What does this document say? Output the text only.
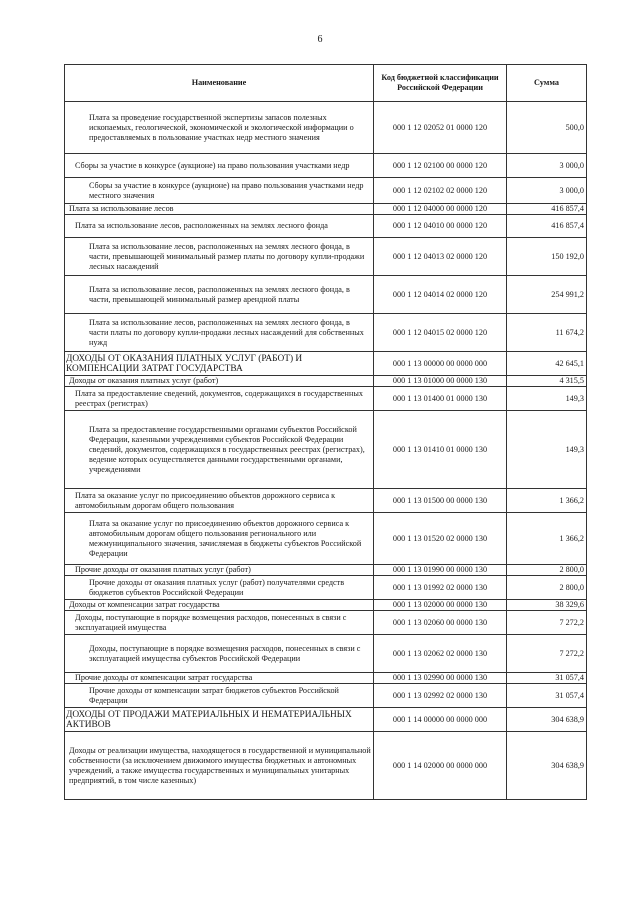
6
Наименование	Код бюджетной классификации Российской Федерации	Сумма
Плата за проведение государственной экспертизы запасов полезных ископаемых, геологической, экономической и экологической информации о предоставляемых в пользование участках недр местного значения	000 1 12 02052 01 0000 120	500,0
Сборы за участие в конкурсе (аукционе) на право пользования участками недр	000 1 12 02100 00 0000 120	3 000,0
Сборы за участие в конкурсе (аукционе) на право пользования участками недр местного значения	000 1 12 02102 02 0000 120	3 000,0
Плата за использование лесов	000 1 12 04000 00 0000 120	416 857,4
Плата за использование лесов, расположенных на землях лесного фонда	000 1 12 04010 00 0000 120	416 857,4
Плата за использование лесов, расположенных на землях лесного фонда, в части, превышающей минимальный размер платы по договору купли-продажи лесных насаждений	000 1 12 04013 02 0000 120	150 192,0
Плата за использование лесов, расположенных на землях лесного фонда, в части, превышающей минимальный размер арендной платы	000 1 12 04014 02 0000 120	254 991,2
Плата за использование лесов, расположенных на землях лесного фонда, в части платы по договору купли-продажи лесных насаждений для собственных нужд	000 1 12 04015 02 0000 120	11 674,2
ДОХОДЫ ОТ ОКАЗАНИЯ ПЛАТНЫХ УСЛУГ (РАБОТ) И КОМПЕНСАЦИИ ЗАТРАТ ГОСУДАРСТВА	000 1 13 00000 00 0000 000	42 645,1
Доходы от оказания платных услуг (работ)	000 1 13 01000 00 0000 130	4 315,5
Плата за предоставление сведений, документов, содержащихся в государственных реестрах (регистрах)	000 1 13 01400 01 0000 130	149,3
Плата за предоставление государственными органами субъектов Российской Федерации, казенными учреждениями субъектов Российской Федерации сведений, документов, содержащихся в государственных реестрах (регистрах), ведение которых осуществляется данными государственными органами, учреждениями	000 1 13 01410 01 0000 130	149,3
Плата за оказание услуг по присоединению объектов дорожного сервиса к автомобильным дорогам общего пользования	000 1 13 01500 00 0000 130	1 366,2
Плата за оказание услуг по присоединению объектов дорожного сервиса к автомобильным дорогам общего пользования регионального или межмуниципального значения, зачисляемая в бюджеты субъектов Российской Федерации	000 1 13 01520 02 0000 130	1 366,2
Прочие доходы от оказания платных услуг (работ)	000 1 13 01990 00 0000 130	2 800,0
Прочие доходы от оказания платных услуг (работ) получателями средств бюджетов субъектов Российской Федерации	000 1 13 01992 02 0000 130	2 800,0
Доходы от компенсации затрат государства	000 1 13 02000 00 0000 130	38 329,6
Доходы, поступающие в порядке возмещения расходов, понесенных в связи с эксплуатацией имущества	000 1 13 02060 00 0000 130	7 272,2
Доходы, поступающие в порядке возмещения расходов, понесенных в связи с эксплуатацией имущества субъектов Российской Федерации	000 1 13 02062 02 0000 130	7 272,2
Прочие доходы от компенсации затрат государства	000 1 13 02990 00 0000 130	31 057,4
Прочие доходы от компенсации затрат бюджетов субъектов Российской Федерации	000 1 13 02992 02 0000 130	31 057,4
ДОХОДЫ ОТ ПРОДАЖИ МАТЕРИАЛЬНЫХ И НЕМАТЕРИАЛЬНЫХ АКТИВОВ	000 1 14 00000 00 0000 000	304 638,9
Доходы от реализации имущества, находящегося в государственной и муниципальной собственности (за исключением движимого имущества бюджетных и автономных учреждений, а также имущества государственных и муниципальных унитарных предприятий, в том числе казенных)	000 1 14 02000 00 0000 000	304 638,9
